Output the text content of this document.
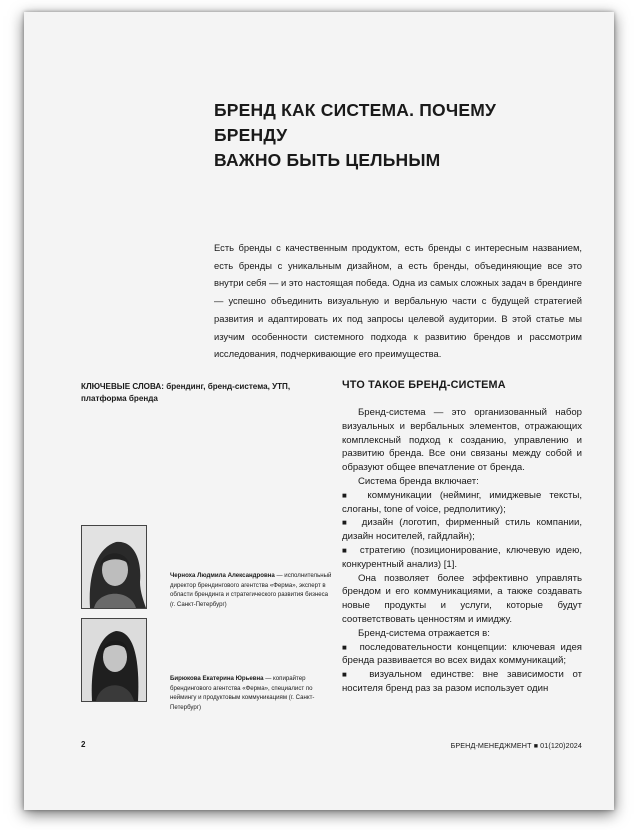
БРЕНД КАК СИСТЕМА. ПОЧЕМУ БРЕНДУ
ВАЖНО БЫТЬ ЦЕЛЬНЫМ

Есть бренды с качественным продуктом, есть бренды с интересным названием, есть бренды с уникальным дизайном, а есть бренды, объединяющие все это внутри себя — и это настоящая победа. Одна из самых сложных задач в брендинге — успешно объединить визуальную и вербальную части с будущей стратегией развития и адаптировать их под запросы целевой аудитории. В этой статье мы изучим особенности системного подхода к развитию брендов и рассмотрим исследования, подчеркивающие его преимущества.

КЛЮЧЕВЫЕ СЛОВА: брендинг, бренд-система, УТП, платформа бренда
Черноха Людмила Александровна — исполнительный директор брендингового агентства «Ферма», эксперт в области брендинга и стратегического развития бизнеса (г. Санкт-Петербург)
Бирюкова Екатерина Юрьевна — копирайтер брендингового агентства «Ферма», специалист по неймингу и продуктовым коммуникациям (г. Санкт-Петербург)
ЧТО ТАКОЕ БРЕНД-СИСТЕМА

Бренд-система — это организованный набор визуальных и вербальных элементов, отражающих комплексный подход к созданию, управлению и развитию бренда. Все они связаны между собой и образуют общее впечатление от бренда.

Система бренда включает:

■  коммуникации (нейминг, имиджевые тексты, слоганы, tone of voice, редполитику);

■  дизайн (логотип, фирменный стиль компании, дизайн носителей, гайдлайн);

■  стратегию (позиционирование, ключевую идею, конкурентный анализ) [1].

Она позволяет более эффективно управлять брендом и его коммуникациями, а также создавать новые продукты и услуги, которые будут соответствовать ценностям и имиджу.

Бренд-система отражается в:

■  последовательности концепции: ключевая идея бренда развивается во всех видах коммуникаций;

■  визуальном единстве: вне зависимости от носителя бренд раз за разом использует один

2	БРЕНД-МЕНЕДЖМЕНТ ■ 01(120)2024
